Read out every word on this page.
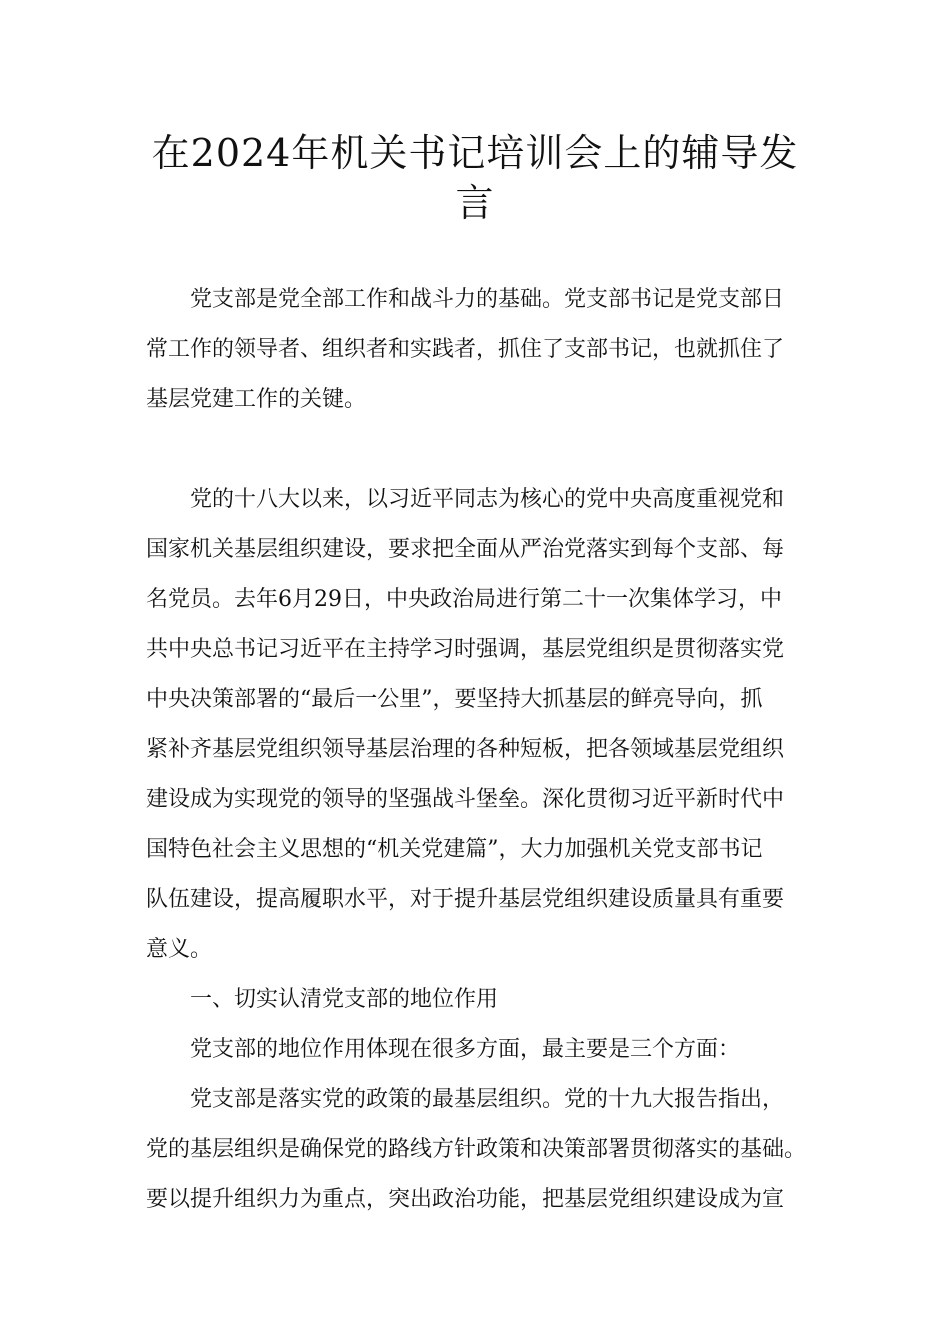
在2024年机关书记培训会上的辅导发
言

党支部是党全部工作和战斗力的基础。党支部书记是党支部日

常工作的领导者、组织者和实践者，抓住了支部书记，也就抓住了

基层党建工作的关键。

党的十八大以来，以习近平同志为核心的党中央高度重视党和

国家机关基层组织建设，要求把全面从严治党落实到每个支部、每

名党员。去年6月29日，中央政治局进行第二十一次集体学习，中

共中央总书记习近平在主持学习时强调，基层党组织是贯彻落实党

中央决策部署的“最后一公里”，要坚持大抓基层的鲜亮导向，抓

紧补齐基层党组织领导基层治理的各种短板，把各领域基层党组织

建设成为实现党的领导的坚强战斗堡垒。深化贯彻习近平新时代中

国特色社会主义思想的“机关党建篇”，大力加强机关党支部书记

队伍建设，提高履职水平，对于提升基层党组织建设质量具有重要

意义。

一、切实认清党支部的地位作用

党支部的地位作用体现在很多方面，最主要是三个方面：

党支部是落实党的政策的最基层组织。党的十九大报告指出，

党的基层组织是确保党的路线方针政策和决策部署贯彻落实的基础。

要以提升组织力为重点，突出政治功能，把基层党组织建设成为宣
